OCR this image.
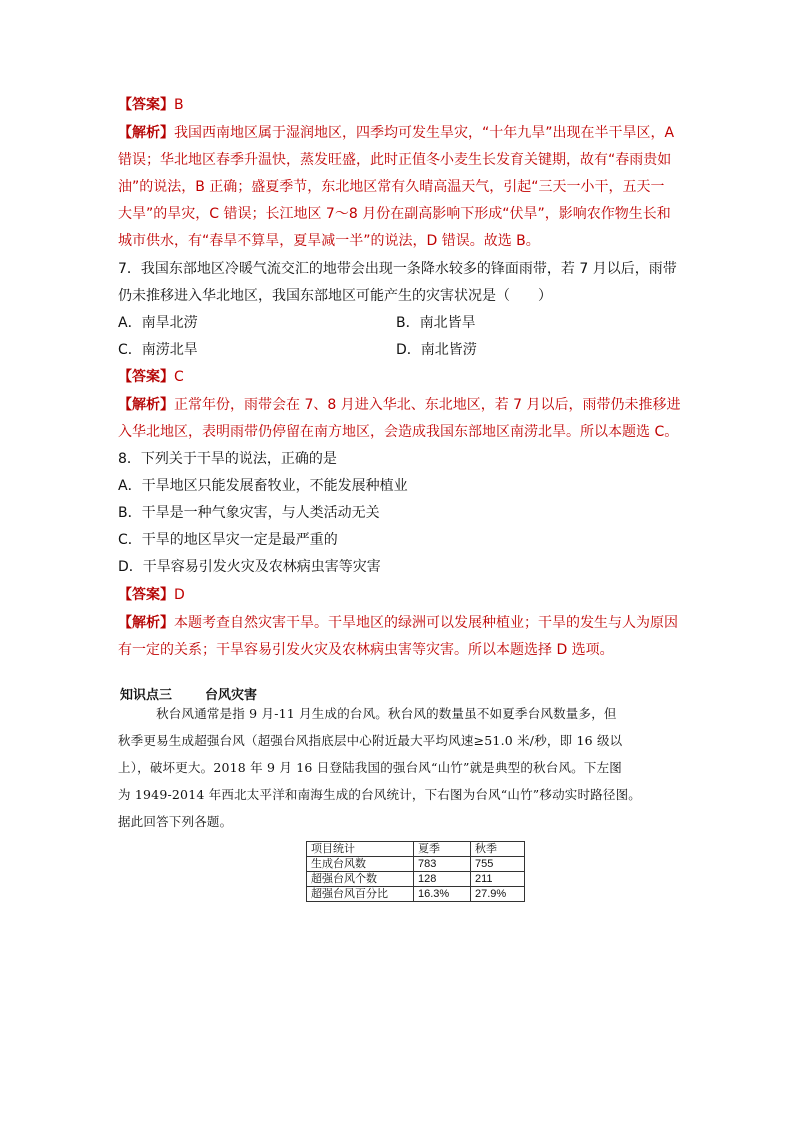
【答案】B
【解析】我国西南地区属于湿润地区，四季均可发生旱灾，“十年九旱”出现在半干旱区，A
错误；华北地区春季升温快，蒸发旺盛，此时正值冬小麦生长发育关键期，故有“春雨贵如
油”的说法，B 正确；盛夏季节，东北地区常有久晴高温天气，引起“三天一小干，五天一
大旱”的旱灾，C 错误；长江地区 7～8 月份在副高影响下形成“伏旱”，影响农作物生长和
城市供水，有“春旱不算旱，夏旱减一半”的说法，D 错误。故选 B。
7．我国东部地区冷暖气流交汇的地带会出现一条降水较多的锋面雨带，若 7 月以后，雨带
仍未推移进入华北地区，我国东部地区可能产生的灾害状况是（　　）
A．南旱北涝	B．南北皆旱
C．南涝北旱	D．南北皆涝
【答案】C
【解析】正常年份，雨带会在 7、8 月进入华北、东北地区，若 7 月以后，雨带仍未推移进
入华北地区，表明雨带仍停留在南方地区，会造成我国东部地区南涝北旱。所以本题选 C。
8．下列关于干旱的说法，正确的是
A．干旱地区只能发展畜牧业，不能发展种植业
B．干旱是一种气象灾害，与人类活动无关
C．干旱的地区旱灾一定是最严重的
D．干旱容易引发火灾及农林病虫害等灾害
【答案】D
【解析】本题考查自然灾害干旱。干旱地区的绿洲可以发展种植业；干旱的发生与人为原因
有一定的关系；干旱容易引发火灾及农林病虫害等灾害。所以本题选择 D 选项。
知识点三	台风灾害
　　　秋台风通常是指 9 月-11 月生成的台风。秋台风的数量虽不如夏季台风数量多，但
秋季更易生成超强台风（超强台风指底层中心附近最大平均风速≥51.0 米/秒，即 16 级以
上），破坏更大。2018 年 9 月 16 日登陆我国的强台风“山竹”就是典型的秋台风。下左图
为 1949-2014 年西北太平洋和南海生成的台风统计，下右图为台风“山竹”移动实时路径图。
据此回答下列各题。
项目统计	夏季	秋季
生成台风数	783	755
超强台风个数	128	211
超强台风百分比	16.3%	27.9%
